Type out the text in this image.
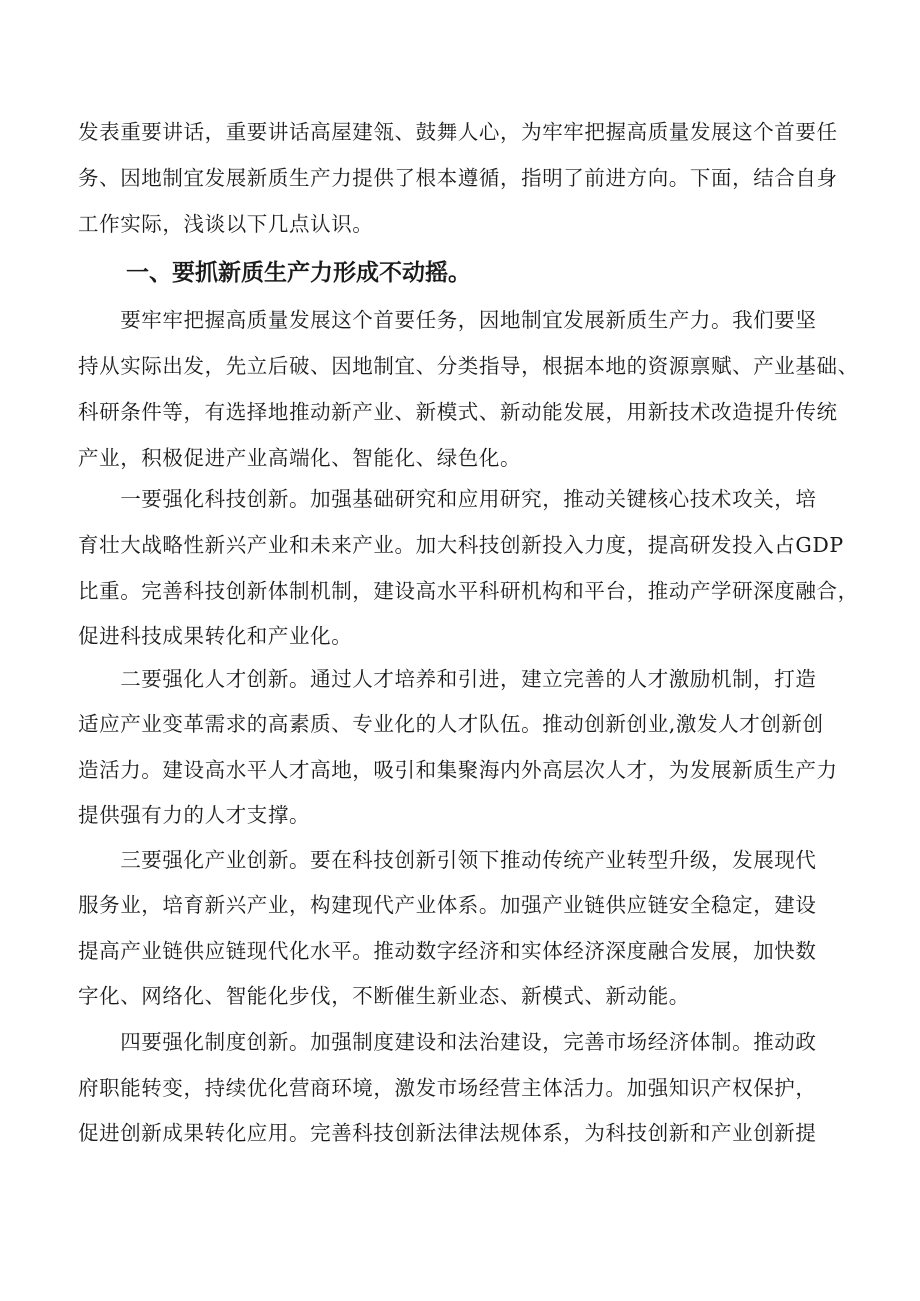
发表重要讲话，重要讲话高屋建瓴、鼓舞人心，为牢牢把握高质量发展这个首要任
务、因地制宜发展新质生产力提供了根本遵循，指明了前进方向。下面，结合自身
工作实际，浅谈以下几点认识。
一、要抓新质生产力形成不动摇。
　　要牢牢把握高质量发展这个首要任务，因地制宜发展新质生产力。我们要坚
持从实际出发，先立后破、因地制宜、分类指导，根据本地的资源禀赋、产业基础、
科研条件等，有选择地推动新产业、新模式、新动能发展，用新技术改造提升传统
产业，积极促进产业高端化、智能化、绿色化。
　　一要强化科技创新。加强基础研究和应用研究，推动关键核心技术攻关，培
育壮大战略性新兴产业和未来产业。加大科技创新投入力度，提高研发投入占GDP
比重。完善科技创新体制机制，建设高水平科研机构和平台，推动产学研深度融合，
促进科技成果转化和产业化。
　　二要强化人才创新。通过人才培养和引进，建立完善的人才激励机制，打造
适应产业变革需求的高素质、专业化的人才队伍。推动创新创业,激发人才创新创
造活力。建设高水平人才高地，吸引和集聚海内外高层次人才，为发展新质生产力
提供强有力的人才支撑。
　　三要强化产业创新。要在科技创新引领下推动传统产业转型升级，发展现代
服务业，培育新兴产业，构建现代产业体系。加强产业链供应链安全稳定，建设
提高产业链供应链现代化水平。推动数字经济和实体经济深度融合发展，加快数
字化、网络化、智能化步伐，不断催生新业态、新模式、新动能。
　　四要强化制度创新。加强制度建设和法治建设，完善市场经济体制。推动政
府职能转变，持续优化营商环境，激发市场经营主体活力。加强知识产权保护，
促进创新成果转化应用。完善科技创新法律法规体系，为科技创新和产业创新提
